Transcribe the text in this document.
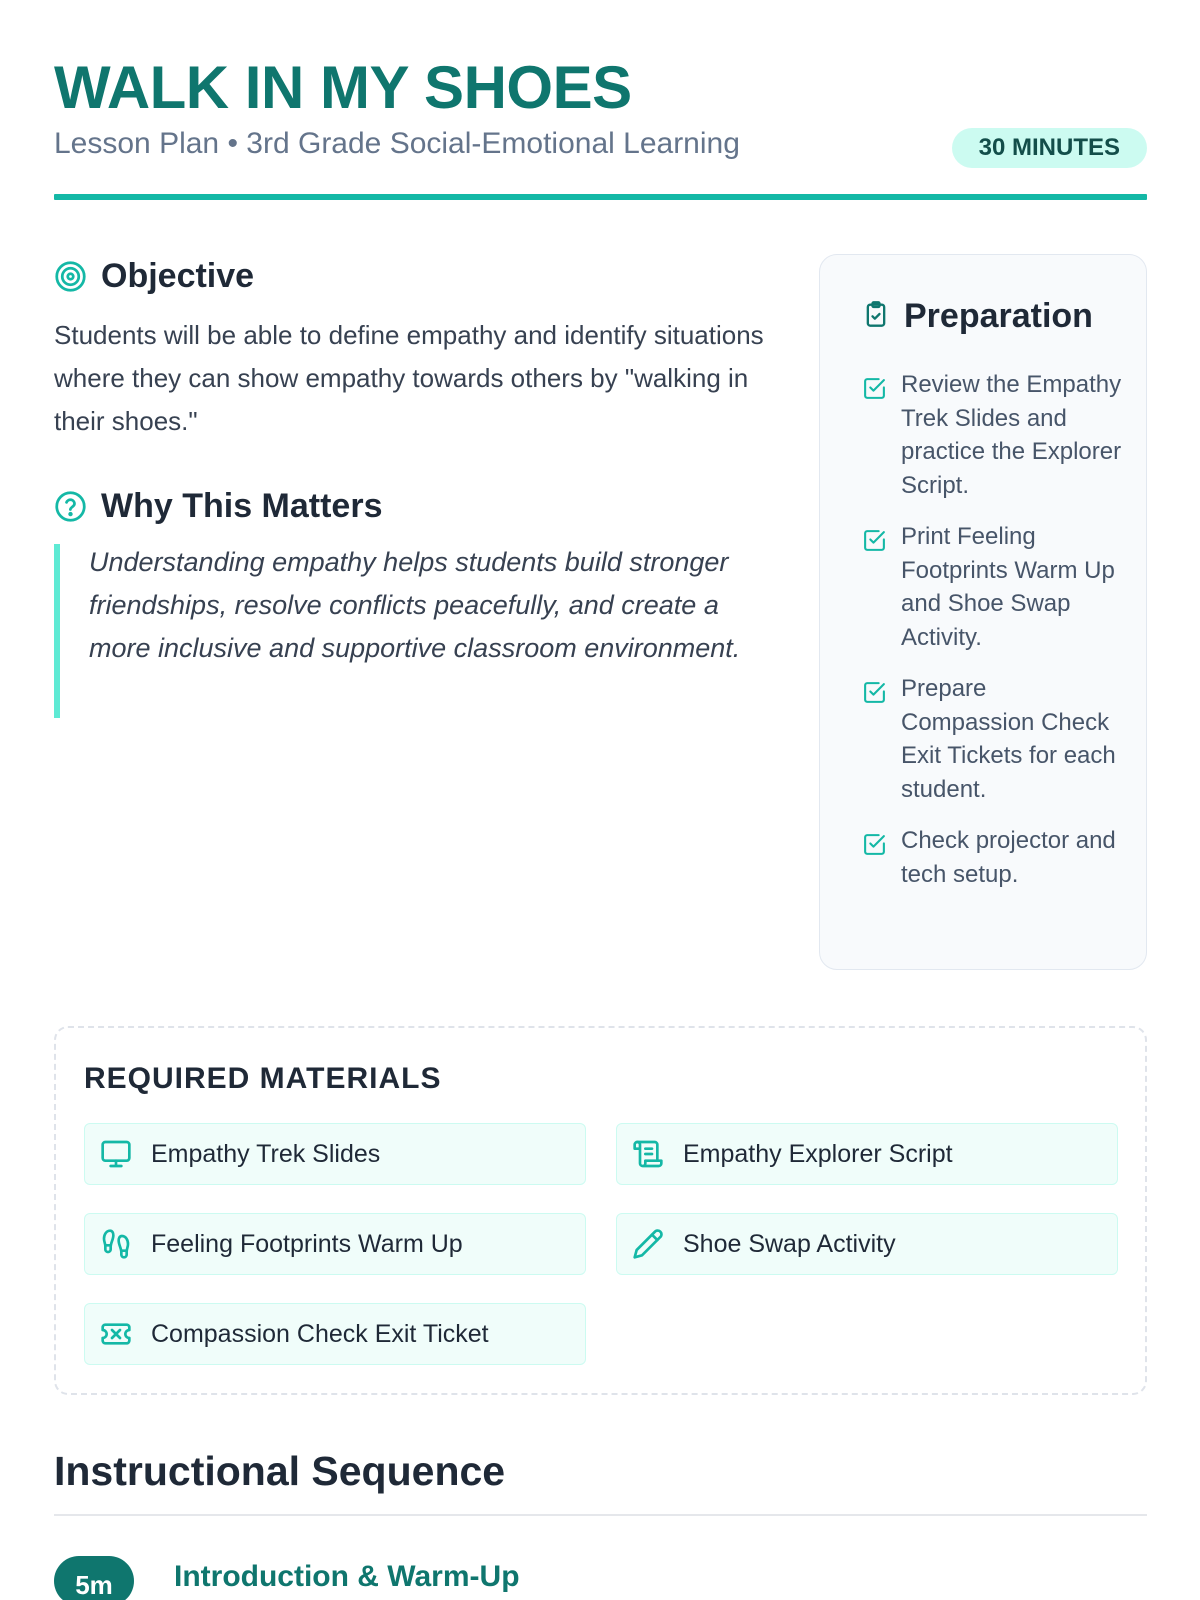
WALK IN MY SHOES
Lesson Plan • 3rd Grade Social-Emotional Learning	30 MINUTES
Objective

Students will be able to define empathy and identify situations where they can show empathy towards others by "walking in their shoes."

Why This Matters

Understanding empathy helps students build stronger friendships, resolve conflicts peacefully, and create a more inclusive and supportive classroom environment.

Preparation
Review the Empathy Trek Slides and practice the Explorer Script.
Print Feeling Footprints Warm Up and Shoe Swap Activity.
Prepare Compassion Check Exit Tickets for each student.
Check projector and tech setup.
REQUIRED MATERIALS
Empathy Trek Slides	Empathy Explorer Script
Feeling Footprints Warm Up	Shoe Swap Activity
Compassion Check Exit Ticket
Instructional Sequence
5m	Introduction & Warm-Up
